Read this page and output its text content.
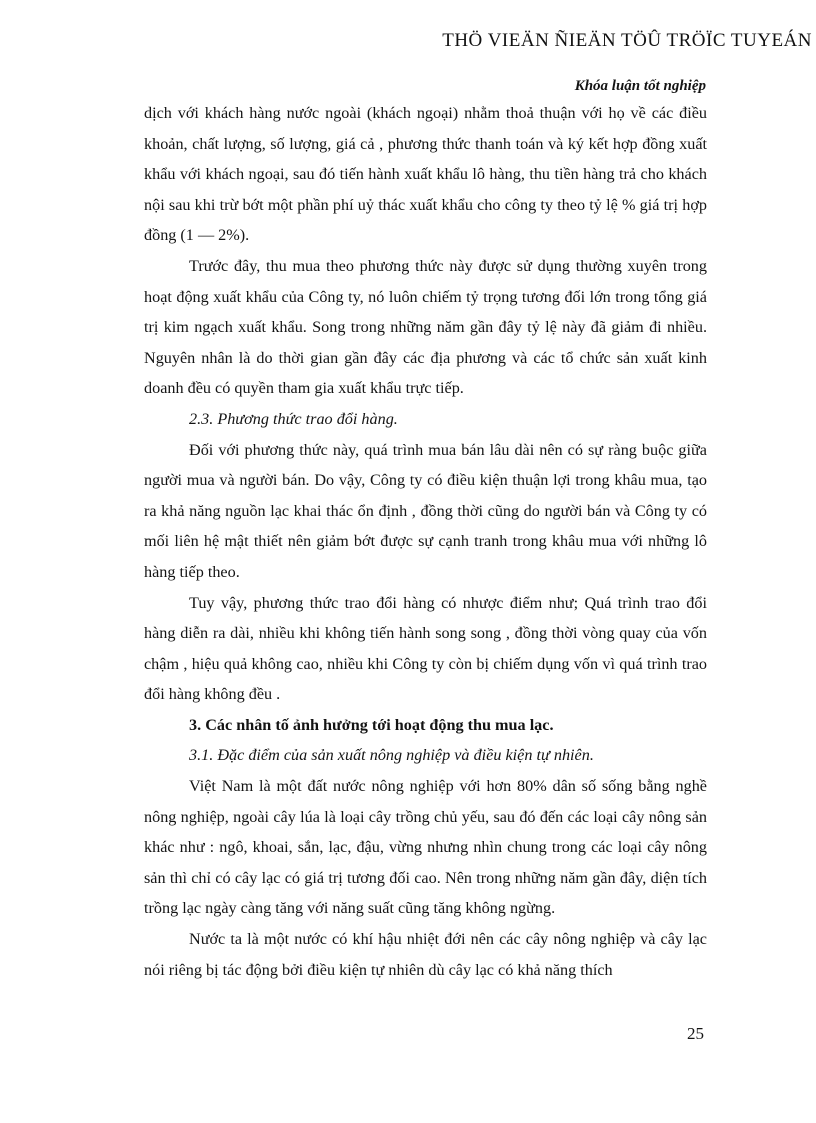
THÖ VIEÄN ÑIEÄN TÖÛ TRÖÏC TUYEÁN
Khóa luận tốt nghiệp

dịch với khách hàng nước ngoài (khách ngoại) nhằm thoả thuận với họ về các điều khoản, chất lượng, số lượng, giá cả , phương thức thanh toán và ký kết hợp đồng xuất khẩu với khách ngoại, sau đó tiến hành xuất khẩu lô hàng, thu tiền hàng trả cho khách nội sau khi trừ bớt một phần phí uỷ thác xuất khẩu cho công ty theo tỷ lệ % giá trị hợp đồng (1 — 2%).

Trước đây, thu mua theo phương thức này được sử dụng thường xuyên trong hoạt động xuất khẩu của Công ty, nó luôn chiếm tỷ trọng tương đối lớn trong tổng giá trị kim ngạch xuất khẩu. Song trong những năm gần đây tỷ lệ này đã giảm đi nhiều. Nguyên nhân là do thời gian gần đây các địa phương và các tổ chức sản xuất kinh doanh đều có quyền tham gia xuất khẩu trực tiếp.

2.3. Phương thức trao đổi hàng.

Đối với phương thức này, quá trình mua bán lâu dài nên có sự ràng buộc giữa người mua và người bán. Do vậy, Công ty có điều kiện thuận lợi trong khâu mua, tạo ra khả năng nguồn lạc khai thác ổn định , đồng thời cũng do người bán và Công ty có mối liên hệ mật thiết nên giảm bớt được sự cạnh tranh trong khâu mua với những lô hàng tiếp theo.

Tuy vậy, phương thức trao đổi hàng có nhược điểm như; Quá trình trao đổi hàng diễn ra dài, nhiều khi không tiến hành song song , đồng thời vòng quay của vốn chậm , hiệu quả không cao, nhiều khi Công ty còn bị chiếm dụng vốn vì quá trình trao đổi hàng không đều .

3. Các nhân tố ảnh hưởng tới hoạt động thu mua lạc.

3.1. Đặc điểm của sản xuất nông nghiệp và điều kiện tự nhiên.

Việt Nam là một đất nước nông nghiệp với hơn 80% dân số sống bằng nghề nông nghiệp, ngoài cây lúa là loại cây trồng chủ yếu, sau đó đến các loại cây nông sản khác như : ngô, khoai, sắn, lạc, đậu, vừng nhưng nhìn chung trong các loại cây nông sản thì chỉ có cây lạc có giá trị tương đối cao. Nên trong những năm gần đây, diện tích trồng lạc ngày càng tăng với năng suất cũng tăng không ngừng.

Nước ta là một nước có khí hậu nhiệt đới nên các cây nông nghiệp và cây lạc nói riêng bị tác động bởi điều kiện tự nhiên dù cây lạc có khả năng thích

25
